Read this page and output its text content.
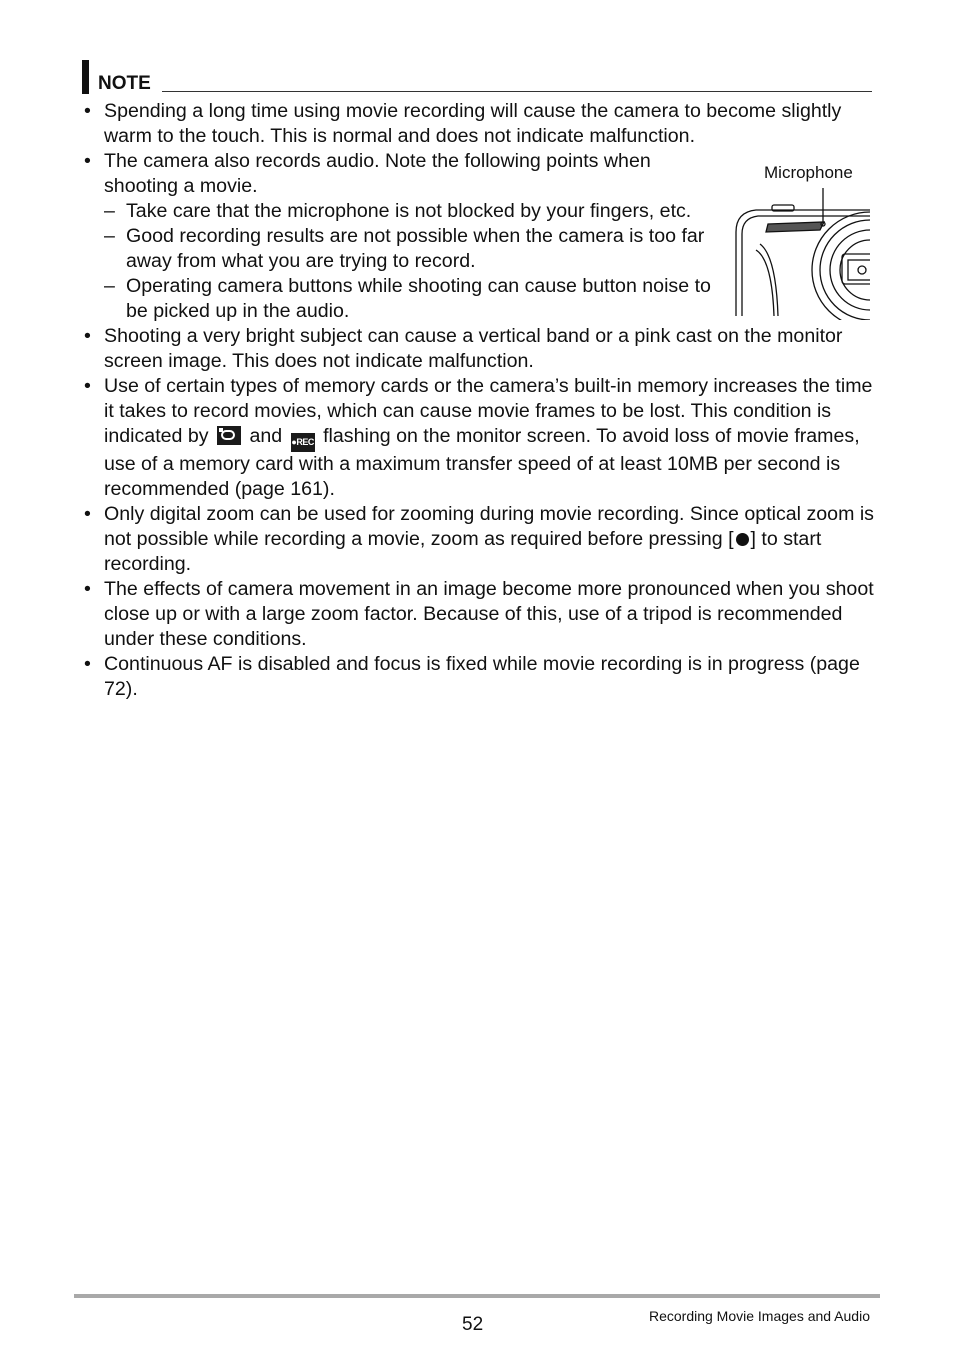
NOTE
• Spending a long time using movie recording will cause the camera to become slightly warm to the touch. This is normal and does not indicate malfunction.
• The camera also records audio. Note the following points when shooting a movie.
– Take care that the microphone is not blocked by your fingers, etc.
– Good recording results are not possible when the camera is too far away from what you are trying to record.
– Operating camera buttons while shooting can cause button noise to be picked up in the audio.
• Shooting a very bright subject can cause a vertical band or a pink cast on the monitor screen image. This does not indicate malfunction.
• Use of certain types of memory cards or the camera’s built-in memory increases the time it takes to record movies, which can cause movie frames to be lost. This condition is indicated by and ●REC flashing on the monitor screen. To avoid loss of movie frames, use of a memory card with a maximum transfer speed of at least 10MB per second is recommended (page 161).
• Only digital zoom can be used for zooming during movie recording. Since optical zoom is not possible while recording a movie, zoom as required before pressing [ ] to start recording.
• The effects of camera movement in an image become more pronounced when you shoot close up or with a large zoom factor. Because of this, use of a tripod is recommended under these conditions.
• Continuous AF is disabled and focus is fixed while movie recording is in progress (page 72).
Microphone
52	Recording Movie Images and Audio
